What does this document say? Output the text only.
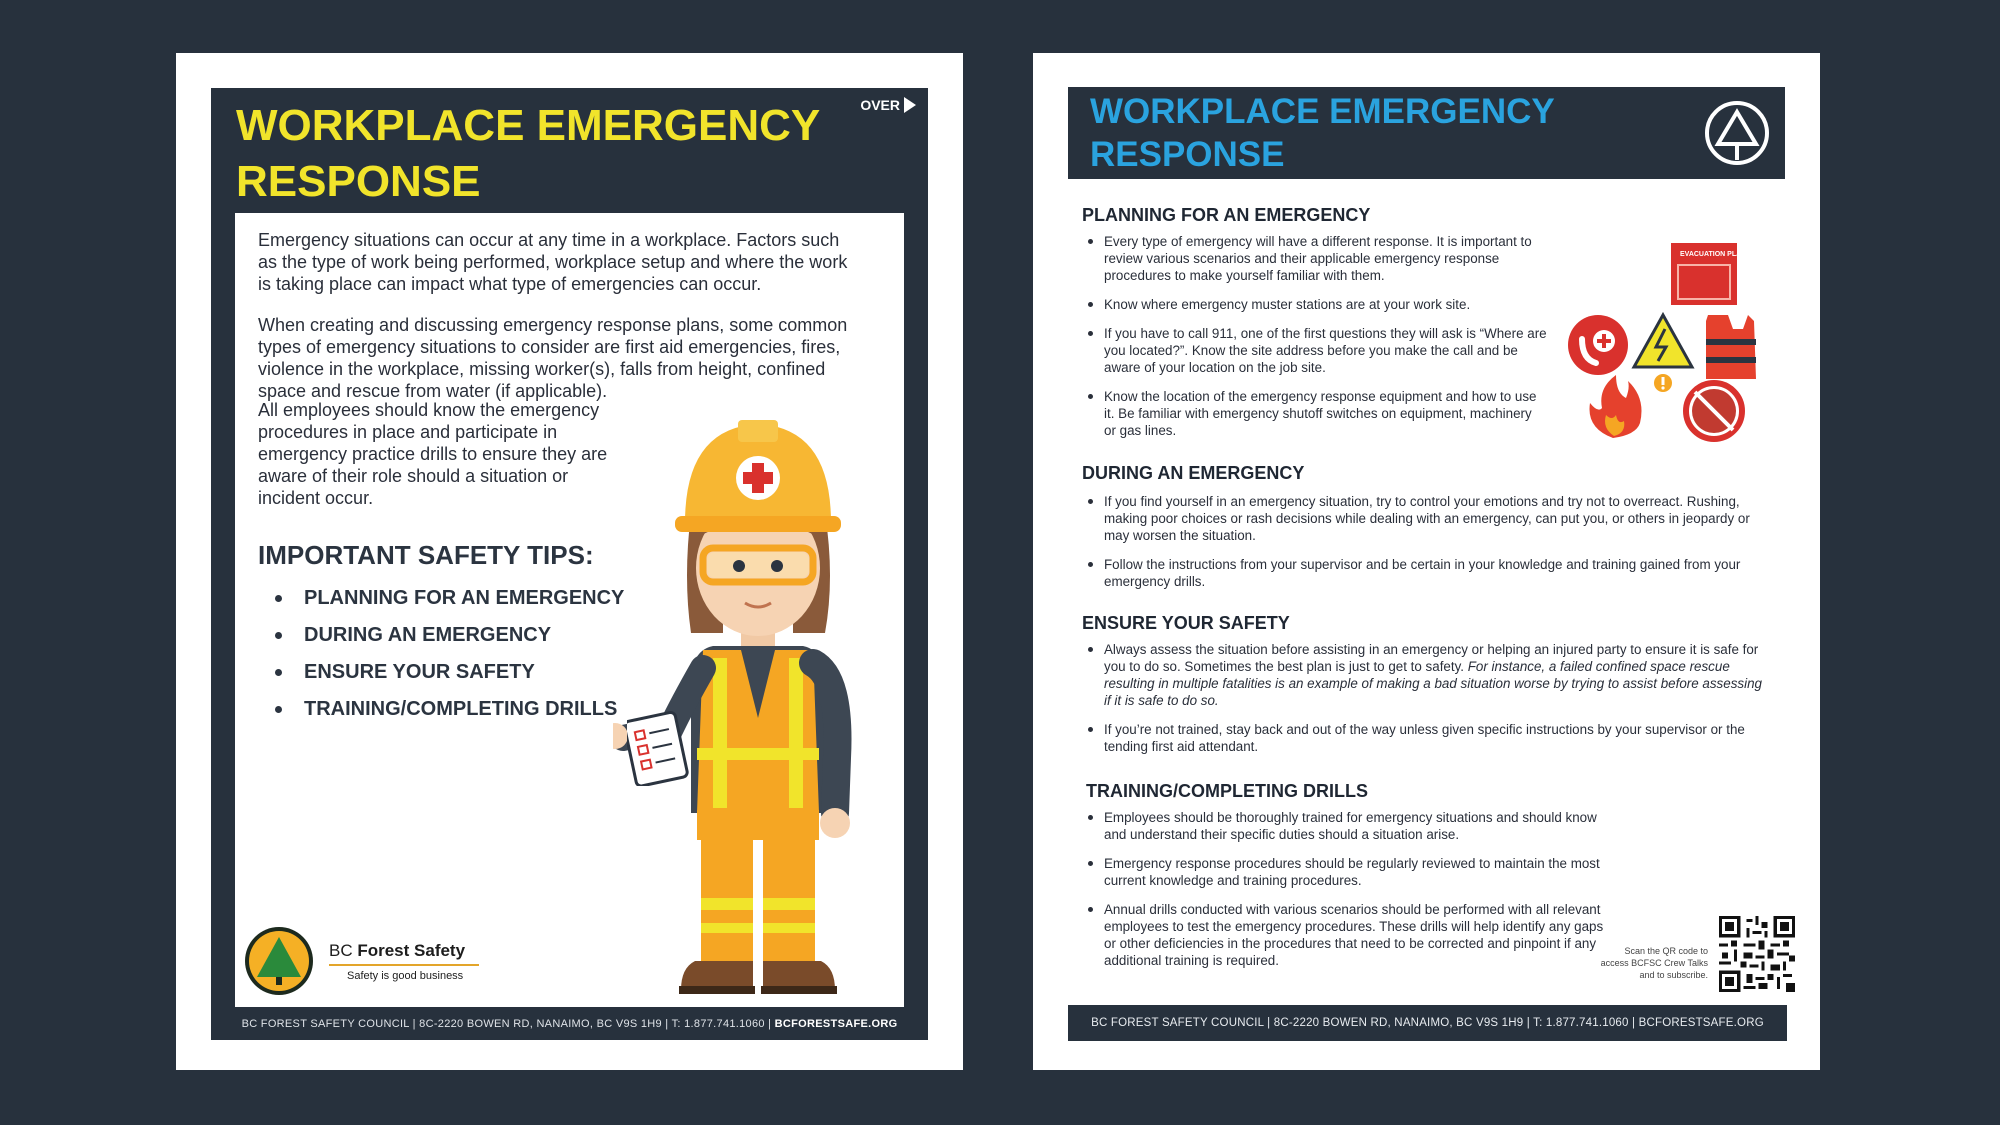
WORKPLACE EMERGENCY
RESPONSE
OVER

Emergency situations can occur at any time in a workplace. Factors such as the type of work being performed, workplace setup and where the work is taking place can impact what type of emergencies can occur.

When creating and discussing emergency response plans, some common types of emergency situations to consider are first aid emergencies, fires, violence in the workplace, missing worker(s), falls from height, confined space and rescue from water (if applicable).

All employees should know the emergency procedures in place and participate in emergency practice drills to ensure they are aware of their role should a situation or incident occur.

IMPORTANT SAFETY TIPS:
PLANNING FOR AN EMERGENCY
DURING AN EMERGENCY
ENSURE YOUR SAFETY
TRAINING/COMPLETING DRILLS
BC Forest Safety
Safety is good business
BC FOREST SAFETY COUNCIL | 8C-2220 BOWEN RD, NANAIMO, BC V9S 1H9 | T: 1.877.741.1060 | BCFORESTSAFE.ORG
WORKPLACE EMERGENCY
RESPONSE
PLANNING FOR AN EMERGENCY
Every type of emergency will have a different response. It is important to review various scenarios and their applicable emergency response procedures to make yourself familiar with them.
Know where emergency muster stations are at your work site.
If you have to call 911, one of the first questions they will ask is “Where are you located?”. Know the site address before you make the call and be aware of your location on the job site.
Know the location of the emergency response equipment and how to use it. Be familiar with emergency shutoff switches on equipment, machinery or gas lines.
EVACUATION PLAN
DURING AN EMERGENCY
If you find yourself in an emergency situation, try to control your emotions and try not to overreact. Rushing, making poor choices or rash decisions while dealing with an emergency, can put you, or others in jeopardy or may worsen the situation.
Follow the instructions from your supervisor and be certain in your knowledge and training gained from your emergency drills.
ENSURE YOUR SAFETY
Always assess the situation before assisting in an emergency or helping an injured party to ensure it is safe for you to do so. Sometimes the best plan is just to get to safety. For instance, a failed confined space rescue resulting in multiple fatalities is an example of making a bad situation worse by trying to assist before assessing if it is safe to do so.
If you’re not trained, stay back and out of the way unless given specific instructions by your supervisor or the tending first aid attendant.
TRAINING/COMPLETING DRILLS
Employees should be thoroughly trained for emergency situations and should know and understand their specific duties should a situation arise.
Emergency response procedures should be regularly reviewed to maintain the most current knowledge and training procedures.
Annual drills conducted with various scenarios should be performed with all relevant employees to test the emergency procedures. These drills will help identify any gaps or other deficiencies in the procedures that need to be corrected and pinpoint if any additional training is required.
Scan the QR code to access BCFSC Crew Talks and to subscribe.
BC FOREST SAFETY COUNCIL | 8C-2220 BOWEN RD, NANAIMO, BC V9S 1H9 | T: 1.877.741.1060 | BCFORESTSAFE.ORG
